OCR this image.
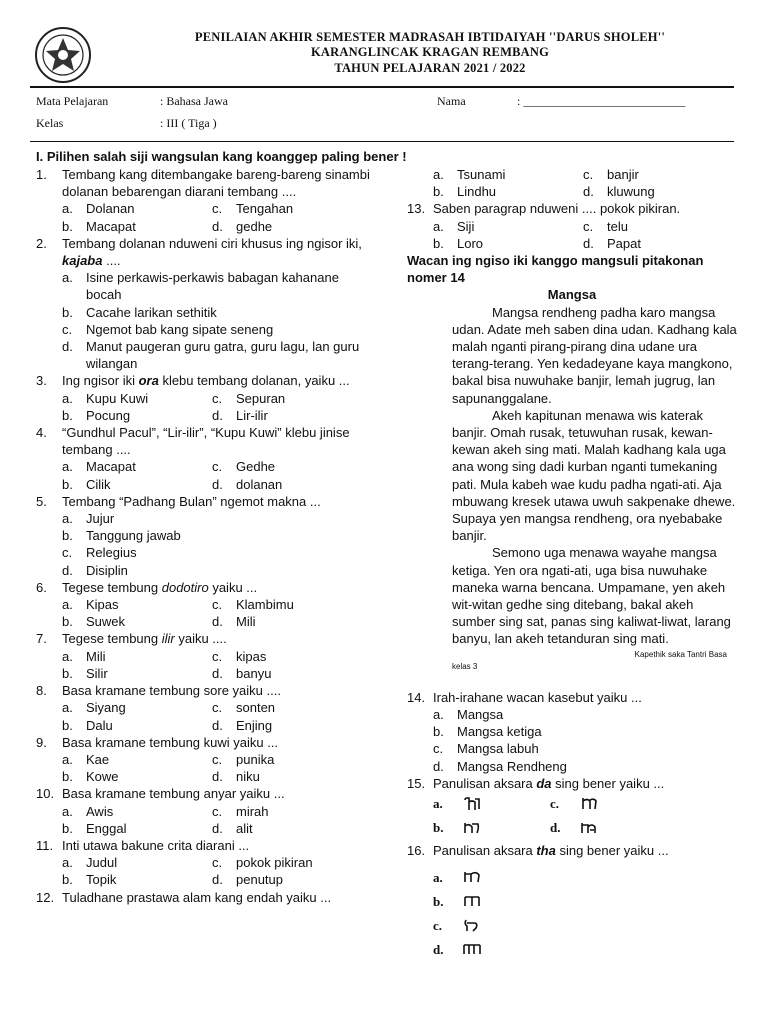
PENILAIAN AKHIR SEMESTER MADRASAH IBTIDAIYAH ''DARUS SHOLEH''
KARANGLINCAK KRAGAN REMBANG
TAHUN PELAJARAN 2021 / 2022
Mata Pelajaran	: Bahasa Jawa	Nama	: ___________________________
Kelas	: III ( Tiga )
I. Pilihen salah siji wangsulan kang koanggep paling bener !
1.	Tembang kang ditembangake bareng-bareng sinambi dolanan bebarengan diarani tembang ....
a.	Dolanan	c.	Tengahan
b.	Macapat	d.	gedhe
2.	Tembang dolanan nduweni ciri khusus ing ngisor iki, kajaba ....
a.	Isine perkawis-perkawis babagan kahanane bocah
b.	Cacahe larikan sethitik
c.	Ngemot bab kang sipate seneng
d.	Manut paugeran guru gatra, guru lagu, lan guru wilangan
3.	Ing ngisor iki ora klebu tembang dolanan, yaiku ...
a.	Kupu Kuwi	c.	Sepuran
b.	Pocung	d.	Lir-ilir
4.	“Gundhul Pacul”, “Lir-ilir”, “Kupu Kuwi” klebu jinise tembang ....
a.	Macapat	c.	Gedhe
b.	Cilik	d.	dolanan
5.	Tembang “Padhang Bulan” ngemot makna ...
a.	Jujur
b.	Tanggung jawab
c.	Relegius
d.	Disiplin
6.	Tegese tembung dodotiro yaiku ...
a.	Kipas	c.	Klambimu
b.	Suwek	d.	Mili
7.	Tegese tembung ilir yaiku ....
a.	Mili	c.	kipas
b.	Silir	d.	banyu
8.	Basa kramane tembung sore yaiku ....
a.	Siyang	c.	sonten
b.	Dalu	d.	Enjing
9.	Basa kramane tembung kuwi yaiku ...
a.	Kae	c.	punika
b.	Kowe	d.	niku
10. Basa kramane tembung anyar yaiku ...
a.	Awis	c.	mirah
b.	Enggal	d.	alit
11. Inti utawa bakune crita diarani ...
a.	Judul	c.	pokok pikiran
b.	Topik	d.	penutup
12. Tuladhane prastawa alam kang endah yaiku ...
a.	Tsunami	c.	banjir
b.	Lindhu	d.	kluwung
13. Saben paragrap nduweni .... pokok pikiran.
a.	Siji	c.	telu
b.	Loro	d.	Papat
Wacan ing ngiso iki kanggo mangsuli pitakonan nomer 14
Mangsa
Mangsa rendheng padha karo mangsa udan. Adate meh saben dina udan. Kadhang kala malah nganti pirang-pirang dina udane ura terang-terang. Yen kedadeyane kaya mangkono, bakal bisa nuwuhake banjir, lemah jugrug, lan sapunanggalane.
Akeh kapitunan menawa wis katerak banjir. Omah rusak, tetuwuhan rusak, kewan-kewan akeh sing mati. Malah kadhang kala uga ana wong sing dadi kurban nganti tumekaning pati. Mula kabeh wae kudu padha ngati-ati. Aja mbuwang kresek utawa uwuh sakpenake dhewe. Supaya yen mangsa rendheng, ora nyebabake banjir.
Semono uga menawa wayahe mangsa ketiga. Yen ora ngati-ati, uga bisa nuwuhake maneka warna bencana. Umpamane, yen akeh wit-witan gedhe sing ditebang, bakal akeh sumber sing sat, panas sing kaliwat-liwat, larang banyu, lan akeh tetanduran sing mati.
Kapethik saka Tantri Basa
kelas 3
14. Irah-irahane wacan kasebut yaiku ...
a.	Mangsa
b.	Mangsa ketiga
c.	Mangsa labuh
d.	Mangsa Rendheng
15. Panulisan aksara da sing bener yaiku ...
a.	c.
b.	d.
16. Panulisan aksara tha sing bener yaiku ...
a.
b.
c.
d.
